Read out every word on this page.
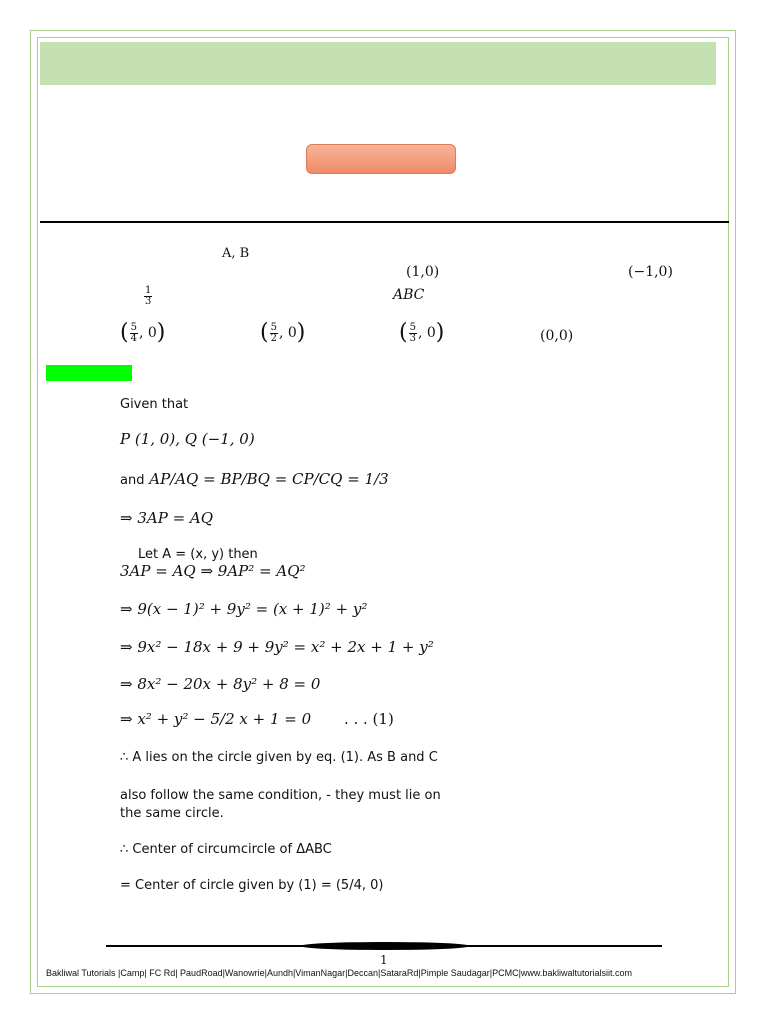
A, B
(1,0)	(−1,0)
$\frac{1}{3}$	ABC
( $\frac{5}{4}$ , 0)	( $\frac{5}{2}$ , 0)	( $\frac{5}{3}$ , 0)	(0,0)
Given that
P (1, 0), Q (−1, 0)
and AP/AQ = BP/BQ = CP/CQ = 1/3
⇒ 3AP = AQ
Let A = (x, y) then
3AP = AQ ⇒ 9AP² = AQ²
⇒ 9(x − 1)² + 9y² = (x + 1)² + y²
⇒ 9x² − 18x + 9 + 9y² = x² + 2x + 1 + y²
⇒ 8x² − 20x + 8y² + 8 = 0
⇒ x² + y² − 5/2 x + 1 = 0 . . . (1)
∴ A lies on the circle given by eq. (1). As B and C
also follow the same condition, - they must lie on
the same circle.
∴ Center of circumcircle of ΔABC
= Center of circle given by (1) = (5/4, 0)
1
Bakliwal Tutorials |Camp| FC Rd| PaudRoad|Wanowrie|Aundh|VimanNagar|Deccan|SataraRd|Pimple Saudagar|PCMC|www.bakliwaltutorialsiit.com
